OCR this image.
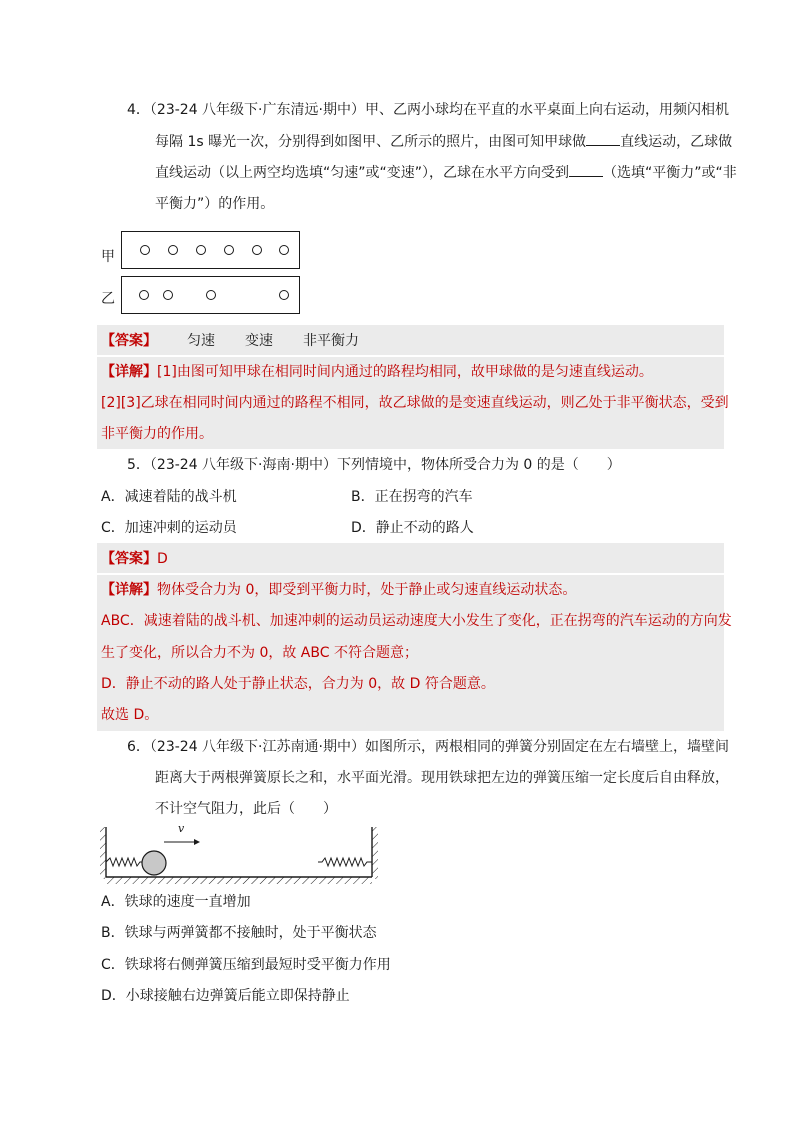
4．（23-24 八年级下·广东清远·期中）甲、乙两小球均在平直的水平桌面上向右运动，用频闪相机
每隔 1s 曝光一次，分别得到如图甲、乙所示的照片，由图可知甲球做 直线运动，乙球做
直线运动（以上两空均选填“匀速”或“变速”），乙球在水平方向受到 （选填“平衡力”或“非
平衡力”）的作用。
甲
乙
【答案】 匀速 变速 非平衡力
【详解】[1]由图可知甲球在相同时间内通过的路程均相同，故甲球做的是匀速直线运动。
[2][3]乙球在相同时间内通过的路程不相同，故乙球做的是变速直线运动，则乙处于非平衡状态，受到
非平衡力的作用。
5．（23-24 八年级下·海南·期中）下列情境中，物体所受合力为 0 的是（　　）
A．减速着陆的战斗机	B．正在拐弯的汽车
C．加速冲刺的运动员	D．静止不动的路人
【答案】D
【详解】物体受合力为 0，即受到平衡力时，处于静止或匀速直线运动状态。
ABC．减速着陆的战斗机、加速冲刺的运动员运动速度大小发生了变化，正在拐弯的汽车运动的方向发
生了变化，所以合力不为 0，故 ABC 不符合题意；
D．静止不动的路人处于静止状态，合力为 0，故 D 符合题意。
故选 D。
6．（23-24 八年级下·江苏南通·期中）如图所示，两根相同的弹簧分别固定在左右墙壁上，墙壁间
距离大于两根弹簧原长之和，水平面光滑。现用铁球把左边的弹簧压缩一定长度后自由释放，
不计空气阻力，此后（　　）
v
A．铁球的速度一直增加
B．铁球与两弹簧都不接触时，处于平衡状态
C．铁球将右侧弹簧压缩到最短时受平衡力作用
D．小球接触右边弹簧后能立即保持静止
